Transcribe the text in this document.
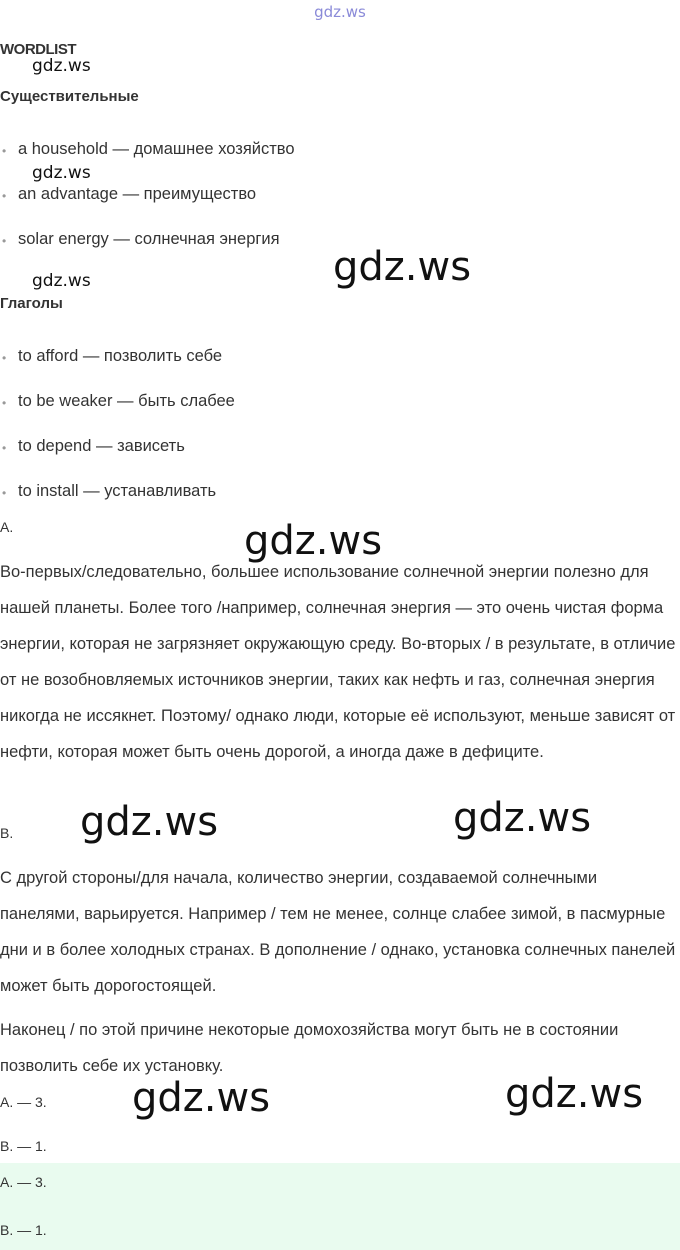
gdz.ws
gdz.ws
gdz.ws
gdz.ws	gdz.ws
gdz.ws
gdz.ws	gdz.ws
gdz.ws	gdz.ws
WORDLIST
Существительные
• a household — домашнее хозяйство
• an advantage — преимущество
• solar energy — солнечная энергия
Глаголы
• to afford — позволить себе
• to be weaker — быть слабее
• to depend — зависеть
• to install — устанавливать
A.

Во-первых/следовательно, большее использование солнечной энергии полезно для нашей планеты. Более того /например, солнечная энергия — это очень чистая форма энергии, которая не загрязняет окружающую среду. Во-вторых / в результате, в отличие от не возобновляемых источников энергии, таких как нефть и газ, солнечная энергия никогда не иссякнет. Поэтому/ однако люди, которые её используют, меньше зависят от нефти, которая может быть очень дорогой, а иногда даже в дефиците.

B.

С другой стороны/для начала, количество энергии, создаваемой солнечными панелями, варьируется. Например / тем не менее, солнце слабее зимой, в пасмурные дни и в более холодных странах. В дополнение / однако, установка солнечных панелей может быть дорогостоящей.

Наконец / по этой причине некоторые домохозяйства могут быть не в состоянии позволить себе их установку.

A. — 3.
B. — 1.
A. — 3.
B. — 1.
